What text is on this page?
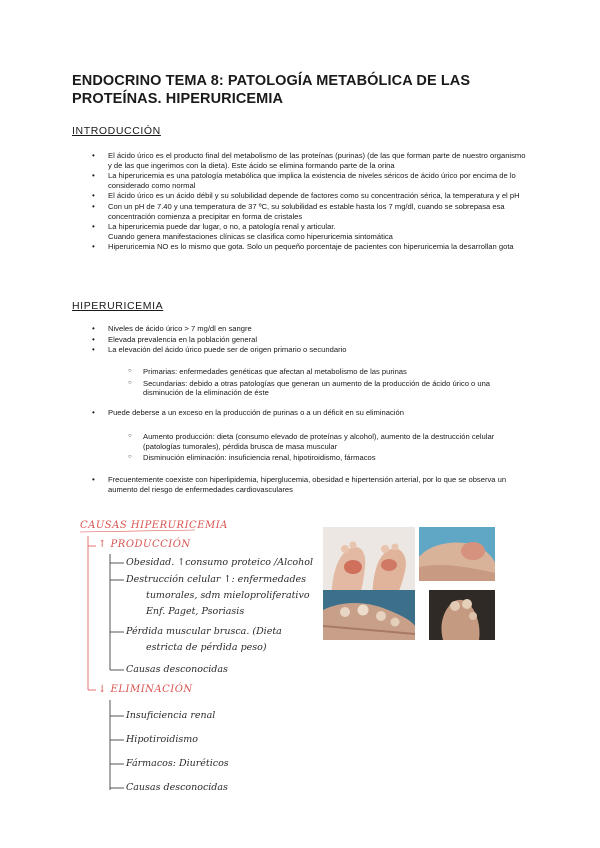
ENDOCRINO TEMA 8: PATOLOGÍA METABÓLICA DE LAS PROTEÍNAS. HIPERURICEMIA
INTRODUCCIÓN
• El ácido úrico es el producto final del metabolismo de las proteínas (purinas) (de las que forman parte de nuestro organismo y de las que ingerimos con la dieta). Este ácido se elimina formando parte de la orina
• La hiperuricemia es una patología metabólica que implica la existencia de niveles séricos de ácido úrico por encima de lo considerado como normal
• El ácido úrico es un ácido débil y su solubilidad depende de factores como su concentración sérica, la temperatura y el pH
• Con un pH de 7.40 y una temperatura de 37 ºC, su solubilidad es estable hasta los 7 mg/dl, cuando se sobrepasa esa concentración comienza a precipitar en forma de cristales
• La hiperuricemia puede dar lugar, o no, a patología renal y articular.
Cuando genera manifestaciones clínicas se clasifica como hiperuricemia sintomática
• Hiperuricemia NO es lo mismo que gota. Solo un pequeño porcentaje de pacientes con hiperuricemia la desarrollan gota
HIPERURICEMIA
• Niveles de ácido úrico > 7 mg/dl en sangre
• Elevada prevalencia en la población general
• La elevación del ácido úrico puede ser de origen primario o secundario
○ Primarias: enfermedades genéticas que afectan al metabolismo de las purinas
○ Secundarias: debido a otras patologías que generan un aumento de la producción de ácido úrico o una disminución de la eliminación de éste
• Puede deberse a un exceso en la producción de purinas o a un déficit en su eliminación
○ Aumento producción: dieta (consumo elevado de proteínas y alcohol), aumento de la destrucción celular (patologías tumorales), pérdida brusca de masa muscular
○ Disminución eliminación: insuficiencia renal, hipotiroidismo, fármacos
• Frecuentemente coexiste con hiperlipidemia, hiperglucemia, obesidad e hipertensión arterial, por lo que se observa un aumento del riesgo de enfermedades cardiovasculares
CAUSAS HIPERURICEMIA
↑ PRODUCCIÓN
Obesidad. ↑consumo proteico /Alcohol
Destrucción celular ↑: enfermedades
tumorales, sdm mieloproliferativo
Enf. Paget, Psoriasis
Pérdida muscular brusca. (Dieta
estricta de pérdida peso)
Causas desconocidas
↓ ELIMINACIÓN
Insuficiencia renal
Hipotiroidismo
Fármacos: Diuréticos
Causas desconocidas
